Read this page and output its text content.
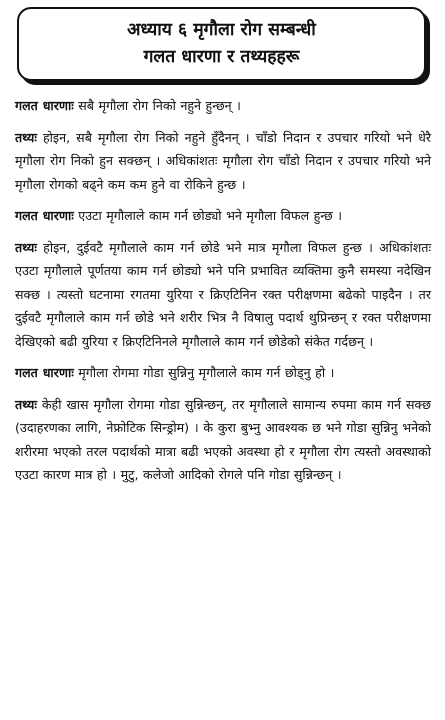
अध्याय ६ मृगौला रोग सम्बन्धी
गलत धारणा र तथ्यहहरू

गलत धारणाः सबै मृगौला रोग निको नहुने हुन्छन् ।

तथ्यः होइन, सबै मृगौला रोग निको नहुने हुँदैनन् । चाँडो निदान र उपचार गरियो भने धेरै मृगौला रोग निको हुन सक्छन् । अधिकांशतः मृगौला रोग चाँडो निदान र उपचार गरियो भने मृगौला रोगको बढ्ने कम कम हुने वा रोकिने हुन्छ ।

गलत धारणाः एउटा मृगौलाले काम गर्न छोड्यो भने मृगौला विफल हुन्छ ।

तथ्यः होइन, दुईवटै मृगौलाले काम गर्न छोडे भने मात्र मृगौला विफल हुन्छ । अधिकांशतः एउटा मृगौलाले पूर्णतया काम गर्न छोड्यो भने पनि प्रभावित व्यक्तिमा कुनै समस्या नदेखिन सक्छ । त्यस्तो घटनामा रगतमा युरिया र क्रिएटिनिन रक्त परीक्षणमा बढेको पाइदैन । तर दुईवटै मृगौलाले काम गर्न छोडे भने शरीर भित्र नै विषालु पदार्थ थुप्रिन्छन् र रक्त परीक्षणमा देखिएको बढी युरिया र क्रिएटिनिनले मृगौलाले काम गर्न छोडेको संकेत गर्दछन् ।

गलत धारणाः मृगौला रोगमा गोडा सुन्निनु मृगौलाले काम गर्न छोड्नु हो ।

तथ्यः केही खास मृगौला रोगमा गोडा सुन्निन्छन्, तर मृगौलाले सामान्य रुपमा काम गर्न सक्छ (उदाहरणका लागि, नेफ्रोटिक सिन्ड्रोम) । के कुरा बुभ्नु आवश्यक छ भने गोडा सुन्निनु भनेको शरीरमा भएको तरल पदार्थको मात्रा बढी भएको अवस्था हो र मृगौला रोग त्यस्तो अवस्थाको एउटा कारण मात्र हो । मुटु, कलेजो आदिको रोगले पनि गोडा सुन्निन्छन् ।
